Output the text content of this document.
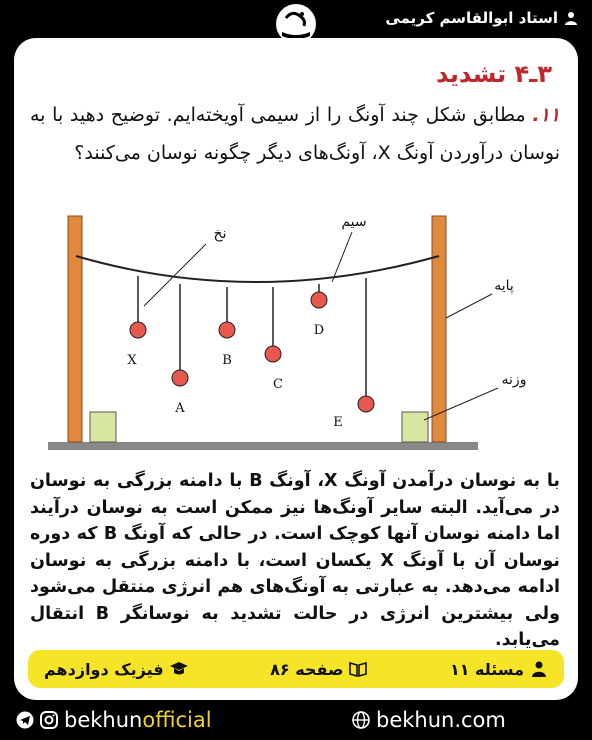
استاد ابوالقاسم کریمی
۳ـ۴ تشدید
۱۱. مطابق شکل چند آونگ را از سیمی آویخته‌ایم. توضیح دهید با به نوسان درآوردن آونگ X، آونگ‌های دیگر چگونه نوسان می‌کنند؟
نخ
سیم
پایه
وزنه
X
A
B
C
D
E
با به نوسان درآمدن آونگ X، آونگ B با دامنه بزرگی به نوسان در می‌آید. البته سایر آونگ‌ها نیز ممکن است به نوسان درآیند اما دامنه نوسان آنها کوچک است. در حالی که آونگ B که دوره نوسان آن با آونگ X یکسان است، با دامنه بزرگی به نوسان ادامه می‌دهد. به عبارتی به آونگ‌های هم انرژی منتقل می‌شود ولی بیشترین انرژی در حالت تشدید به نوسانگر B انتقال می‌یابد.
مسئله ۱۱
صفحه ۸۶
فیزیک دوازدهم
bekhun official	bekhun.com
